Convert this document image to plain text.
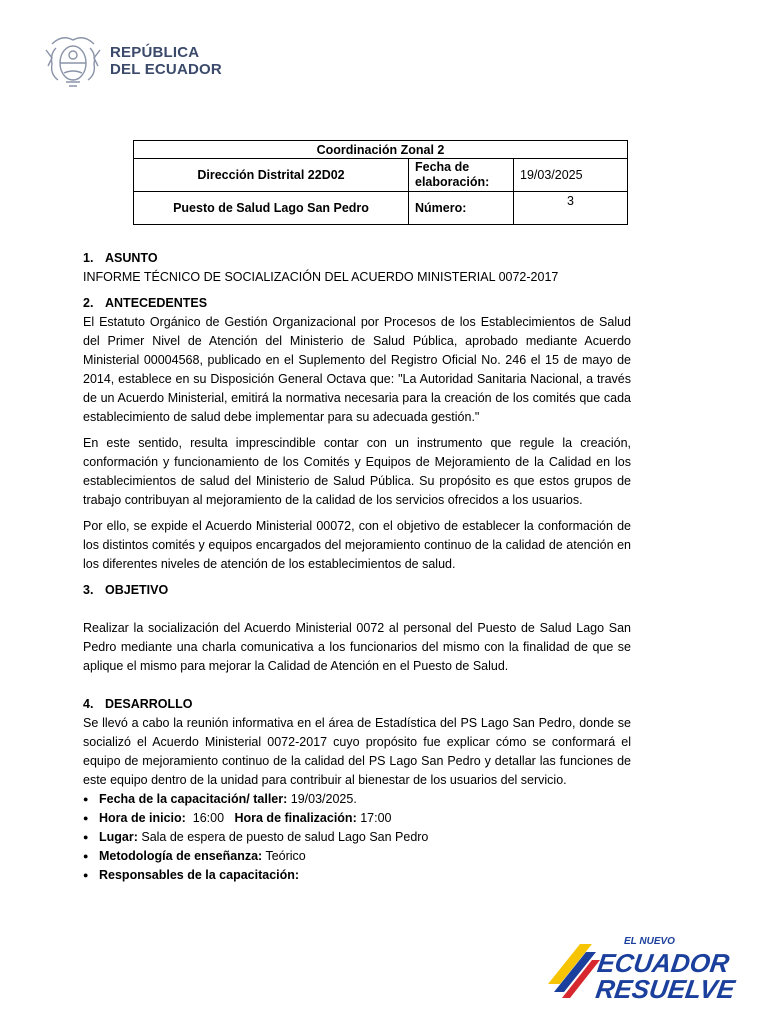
REPÚBLICA
DEL ECUADOR
Coordinación Zonal 2		
Dirección Distrital 22D02	Fecha de elaboración:	19/03/2025
Puesto de Salud Lago San Pedro	Número:	3
1. ASUNTO

INFORME TÉCNICO DE SOCIALIZACIÓN DEL ACUERDO MINISTERIAL 0072-2017

2. ANTECEDENTES

El Estatuto Orgánico de Gestión Organizacional por Procesos de los Establecimientos de Salud del Primer Nivel de Atención del Ministerio de Salud Pública, aprobado mediante Acuerdo Ministerial 00004568, publicado en el Suplemento del Registro Oficial No. 246 el 15 de mayo de 2014, establece en su Disposición General Octava que: "La Autoridad Sanitaria Nacional, a través de un Acuerdo Ministerial, emitirá la normativa necesaria para la creación de los comités que cada establecimiento de salud debe implementar para su adecuada gestión."

En este sentido, resulta imprescindible contar con un instrumento que regule la creación, conformación y funcionamiento de los Comités y Equipos de Mejoramiento de la Calidad en los establecimientos de salud del Ministerio de Salud Pública. Su propósito es que estos grupos de trabajo contribuyan al mejoramiento de la calidad de los servicios ofrecidos a los usuarios.

Por ello, se expide el Acuerdo Ministerial 00072, con el objetivo de establecer la conformación de los distintos comités y equipos encargados del mejoramiento continuo de la calidad de atención en los diferentes niveles de atención de los establecimientos de salud.

3. OBJETIVO

Realizar la socialización del Acuerdo Ministerial 0072 al personal del Puesto de Salud Lago San Pedro mediante una charla comunicativa a los funcionarios del mismo con la finalidad de que se aplique el mismo para mejorar la Calidad de Atención en el Puesto de Salud.

4. DESARROLLO

Se llevó a cabo la reunión informativa en el área de Estadística del PS Lago San Pedro, donde se socializó el Acuerdo Ministerial 0072-2017 cuyo propósito fue explicar cómo se conformará el equipo de mejoramiento continuo de la calidad del PS Lago San Pedro y detallar las funciones de este equipo dentro de la unidad para contribuir al bienestar de los usuarios del servicio.

● Fecha de la capacitación/ taller: 19/03/2025.
● Hora de inicio:  16:00   Hora de finalización: 17:00
● Lugar: Sala de espera de puesto de salud Lago San Pedro
● Metodología de enseñanza: Teórico
● Responsables de la capacitación:
EL NUEVO
ECUADOR
RESUELVE
